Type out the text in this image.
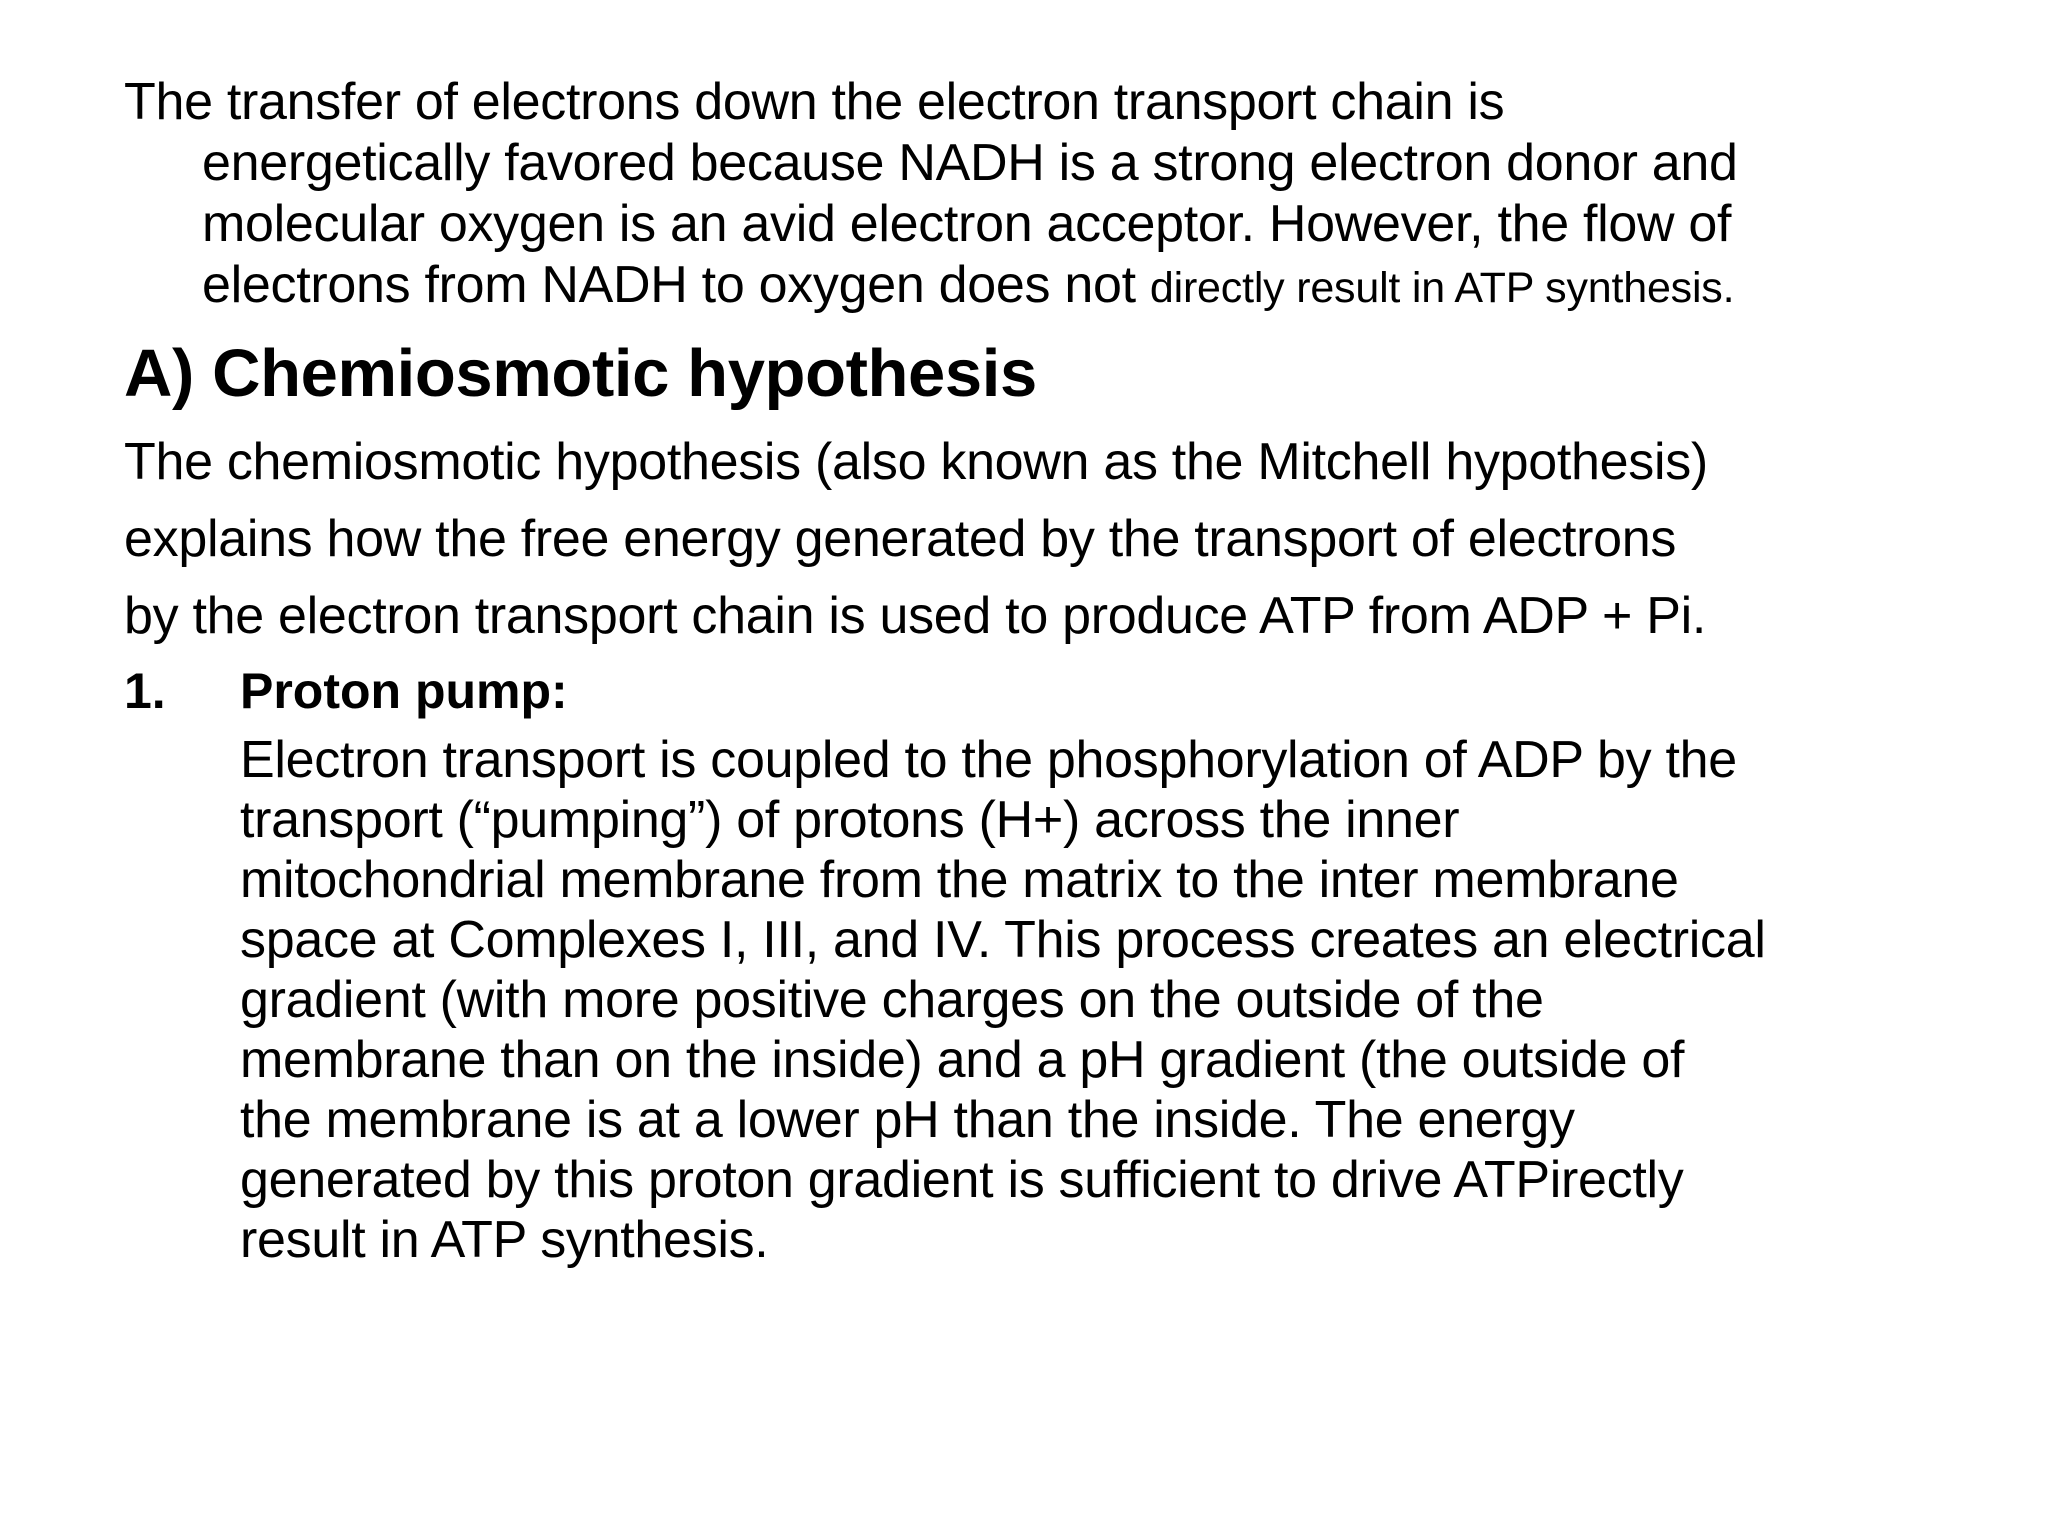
The transfer of electrons down the electron transport chain is
energetically favored because NADH is a strong electron donor and
molecular oxygen is an avid electron acceptor. However, the flow of
electrons from NADH to oxygen does not directly result in ATP synthesis.
A) Chemiosmotic hypothesis
The chemiosmotic hypothesis (also known as the Mitchell hypothesis)
explains how the free energy generated by the transport of electrons
by the electron transport chain is used to produce ATP from ADP + Pi.
1. Proton pump:
Electron transport is coupled to the phosphorylation of ADP by the
transport (“pumping”) of protons (H+) across the inner
mitochondrial membrane from the matrix to the inter membrane
space at Complexes I, III, and IV. This process creates an electrical
gradient (with more positive charges on the outside of the
membrane than on the inside) and a pH gradient (the outside of
the membrane is at a lower pH than the inside. The energy
generated by this proton gradient is sufficient to drive ATPirectly
result in ATP synthesis.
